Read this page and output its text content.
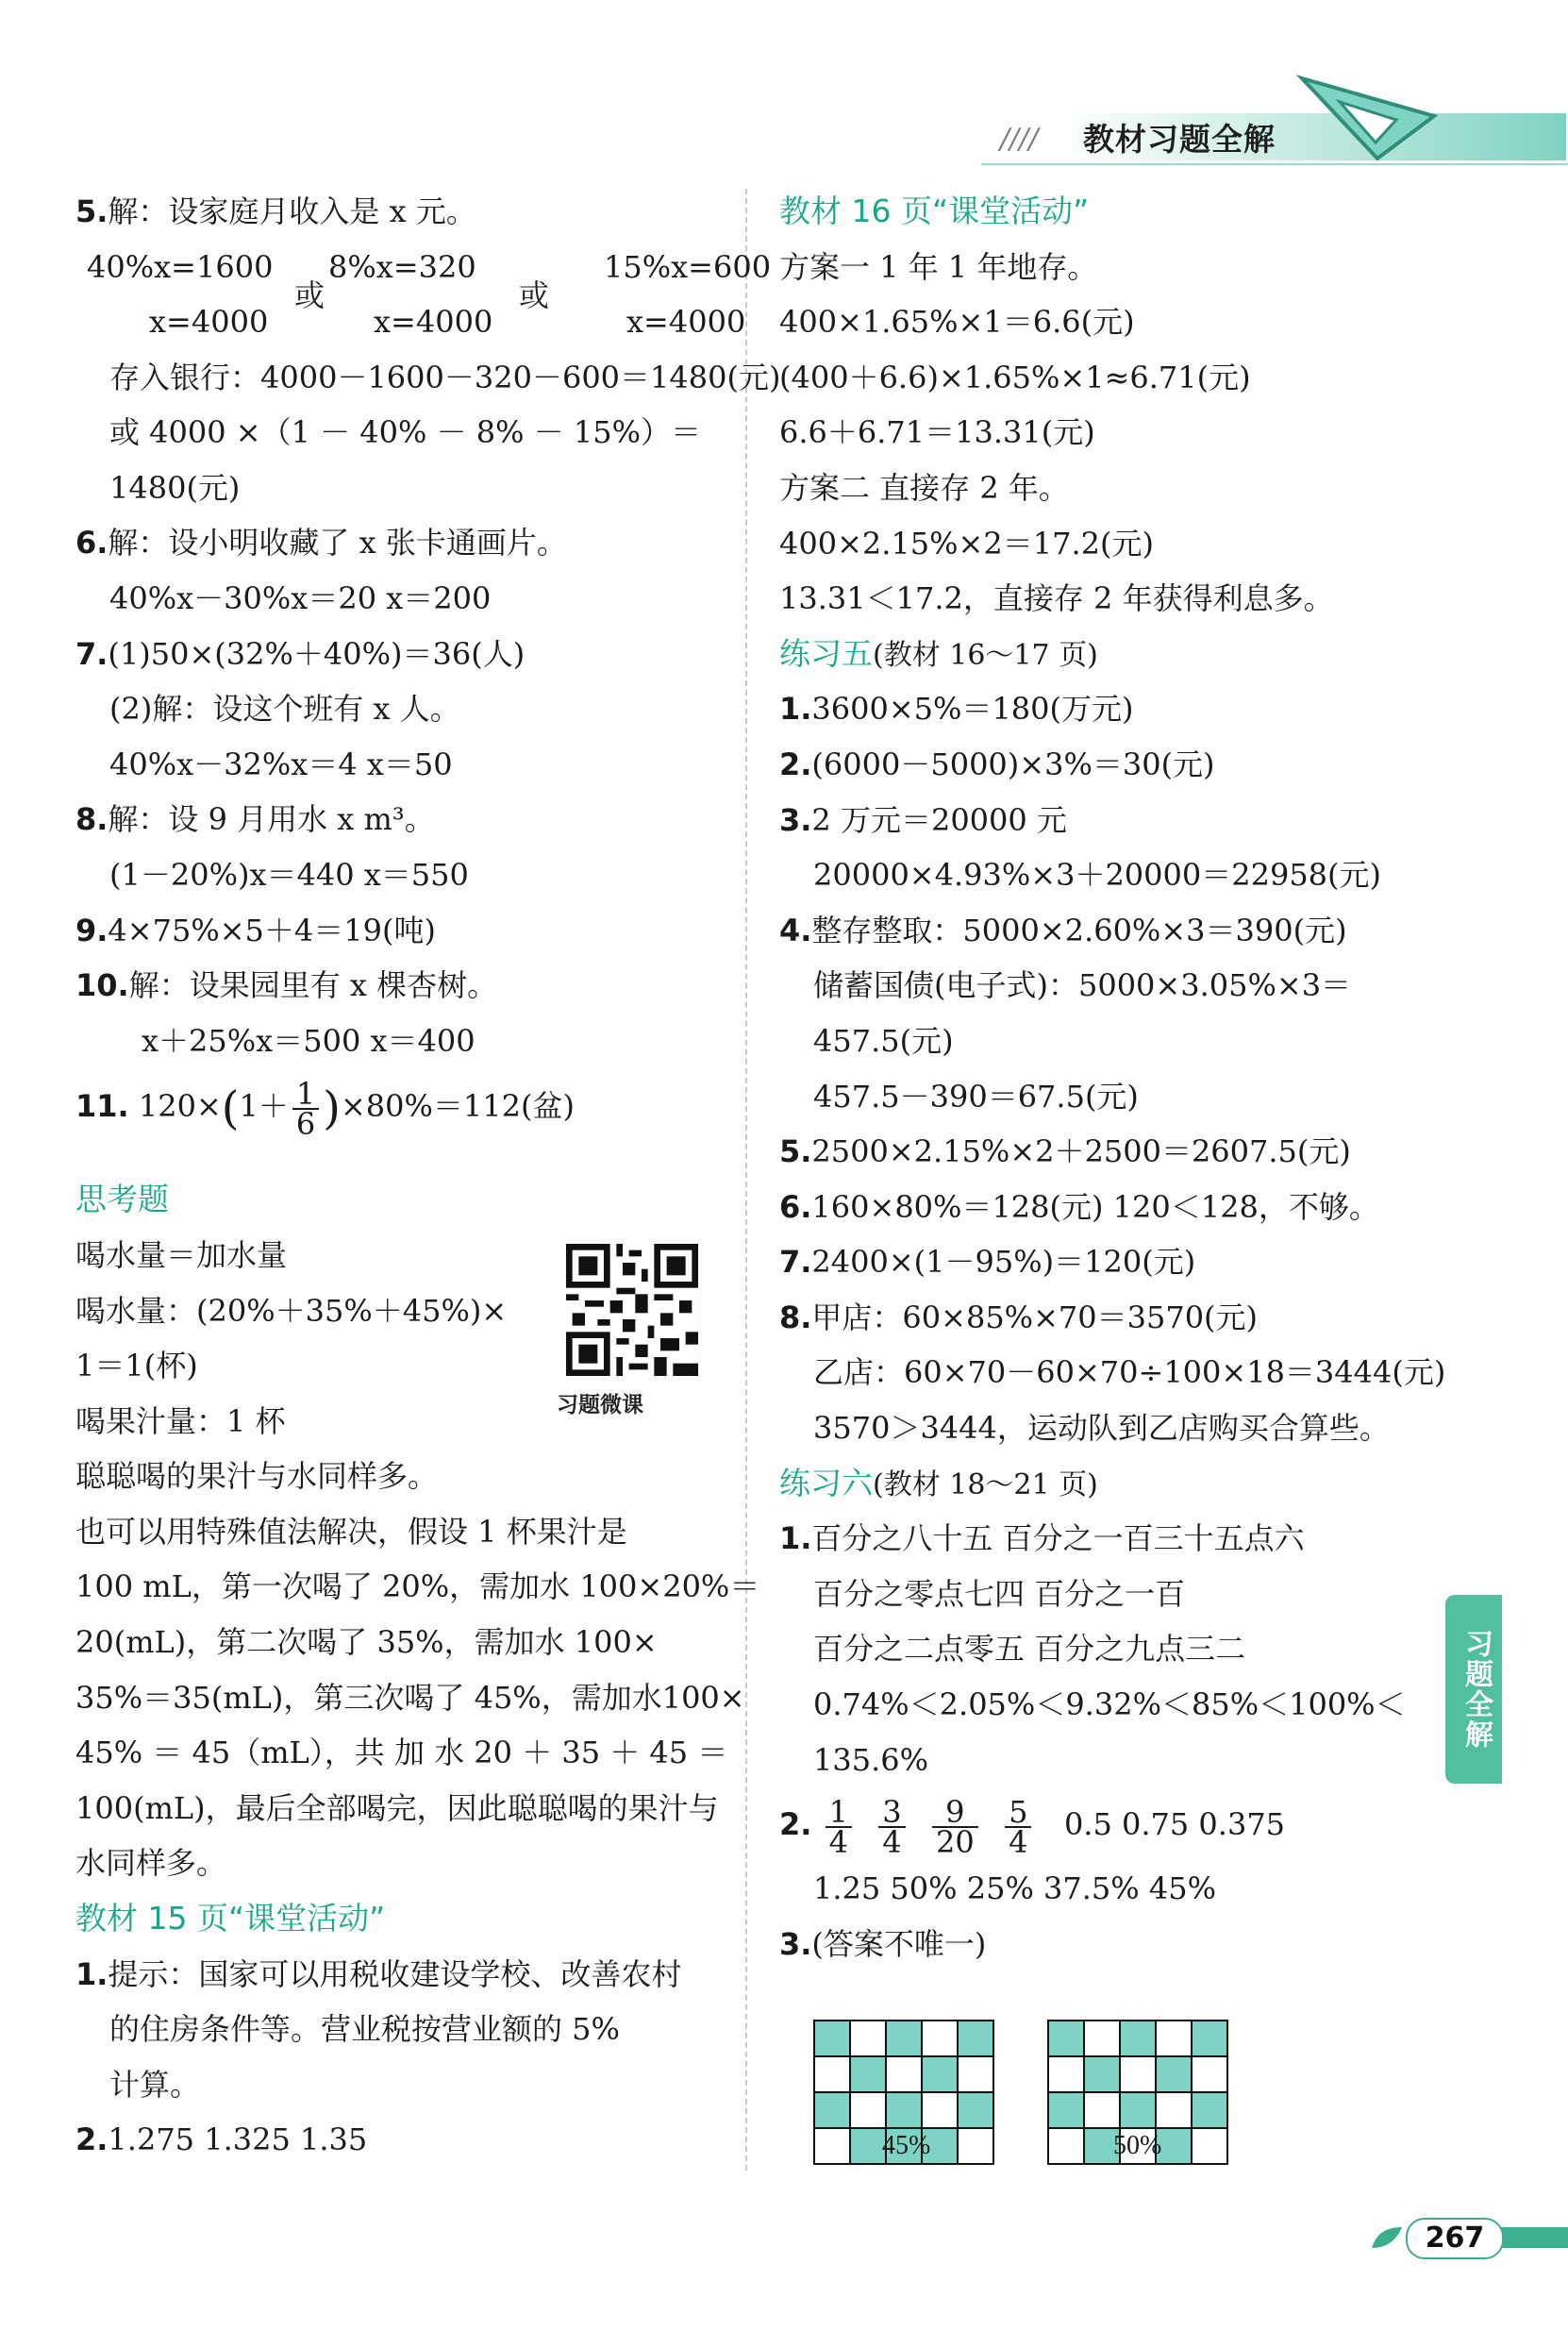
//// 教材习题全解
5.解：设家庭月收入是 x 元。
40%x=1600
x=4000
或
8%x=320
x=4000
或
15%x=600
x=4000
存入银行：4000－1600－320－600＝1480(元)
或 4000 ×（1 － 40% － 8% － 15%）＝
1480(元)
6.解：设小明收藏了 x 张卡通画片。
40%x－30%x＝20 x＝200
7.(1)50×(32%＋40%)＝36(人)
(2)解：设这个班有 x 人。
40%x－32%x＝4 x＝50
8.解：设 9 月用水 x m³。
(1－20%)x＝440 x＝550
9.4×75%×5＋4＝19(吨)
10.解：设果园里有 x 棵杏树。
x＋25%x＝500 x＝400
11. $120\times(1+ \frac{1}{6} )\times 80\%=112$(盆)
思考题
喝水量＝加水量
喝水量：(20%＋35%＋45%)×
1＝1(杯)
喝果汁量：1 杯
聪聪喝的果汁与水同样多。
也可以用特殊值法解决，假设 1 杯果汁是
100 mL，第一次喝了 20%，需加水 100×20%＝
20(mL)，第二次喝了 35%，需加水 100×
35%＝35(mL)，第三次喝了 45%，需加水100×
45% ＝ 45（mL），共 加 水 20 ＋ 35 ＋ 45 ＝
100(mL)，最后全部喝完，因此聪聪喝的果汁与
水同样多。
教材 15 页“课堂活动”
1.提示：国家可以用税收建设学校、改善农村
的住房条件等。营业税按营业额的 5%
计算。
2.1.275 1.325 1.35
习题微课
教材 16 页“课堂活动”
方案一 1 年 1 年地存。
400×1.65%×1＝6.6(元)
(400＋6.6)×1.65%×1≈6.71(元)
6.6＋6.71＝13.31(元)
方案二 直接存 2 年。
400×2.15%×2＝17.2(元)
13.31＜17.2，直接存 2 年获得利息多。
练习五(教材 16～17 页)
1.3600×5%＝180(万元)
2.(6000－5000)×3%＝30(元)
3.2 万元＝20000 元
20000×4.93%×3＋20000＝22958(元)
4.整存整取：5000×2.60%×3＝390(元)
储蓄国债(电子式)：5000×3.05%×3＝
457.5(元)
457.5－390＝67.5(元)
5.2500×2.15%×2＋2500＝2607.5(元)
6.160×80%＝128(元) 120＜128，不够。
7.2400×(1－95%)＝120(元)
8.甲店：60×85%×70＝3570(元)
乙店：60×70－60×70÷100×18＝3444(元)
3570＞3444，运动队到乙店购买合算些。
练习六(教材 18～21 页)
1.百分之八十五 百分之一百三十五点六
百分之零点七四 百分之一百
百分之二点零五 百分之九点三二
0.74%＜2.05%＜9.32%＜85%＜100%＜
135.6%
2. $\frac{1}{4}$
$\frac{3}{4}$
$\frac{9}{20}$
$\frac{5}{4} 0.5$ 0.75 0.375
1.25 50% 25% 37.5% 45%
3.(答案不唯一)
45%	50%
习题全解
267
